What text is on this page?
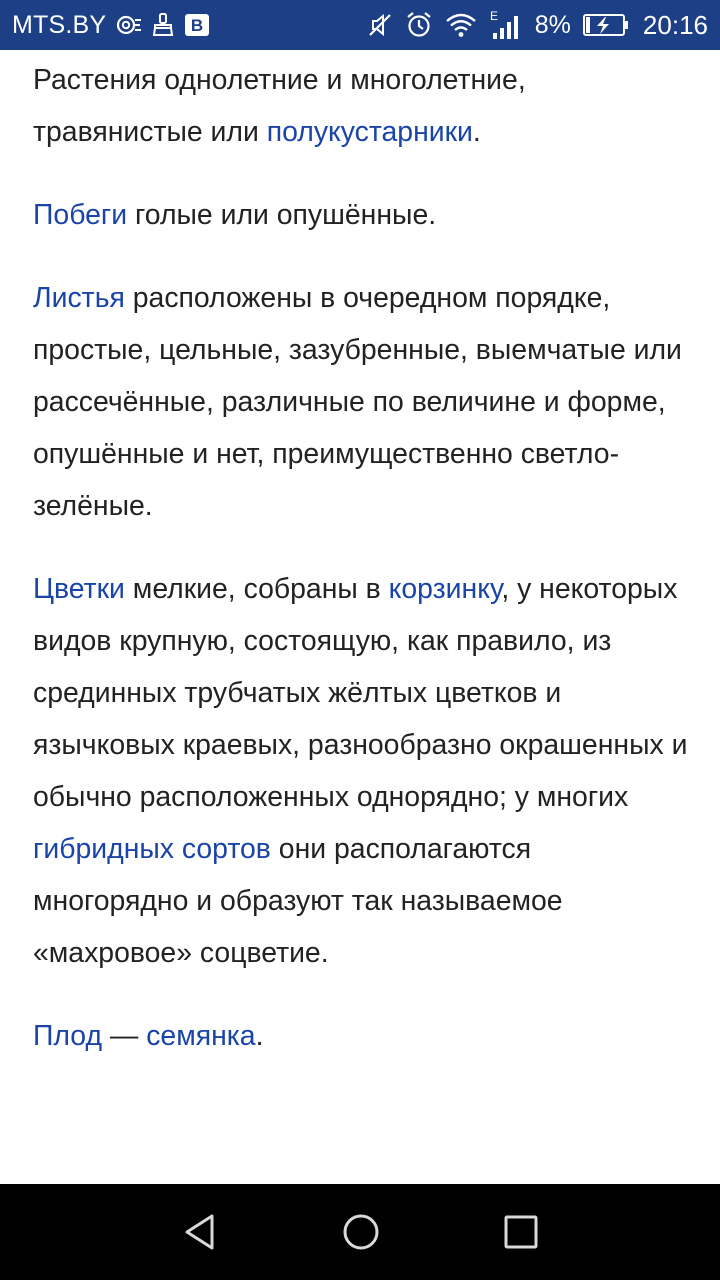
MTS.BY	B	E 8%	20:16

Растения однолетние и многолетние, травянистые или полукустарники.

Побеги голые или опушённые.

Листья расположены в очередном порядке, простые, цельные, зазубренные, выемчатые или рассечённые, различные по величине и форме, опушённые и нет, преимущественно светло-зелёные.

Цветки мелкие, собраны в корзинку, у некоторых видов крупную, состоящую, как правило, из срединных трубчатых жёлтых цветков и язычковых краевых, разнообразно окрашенных и обычно расположенных однорядно; у многих гибридных сортов они располагаются многорядно и образуют так называемое «махровое» соцветие.

Плод — семянка.
